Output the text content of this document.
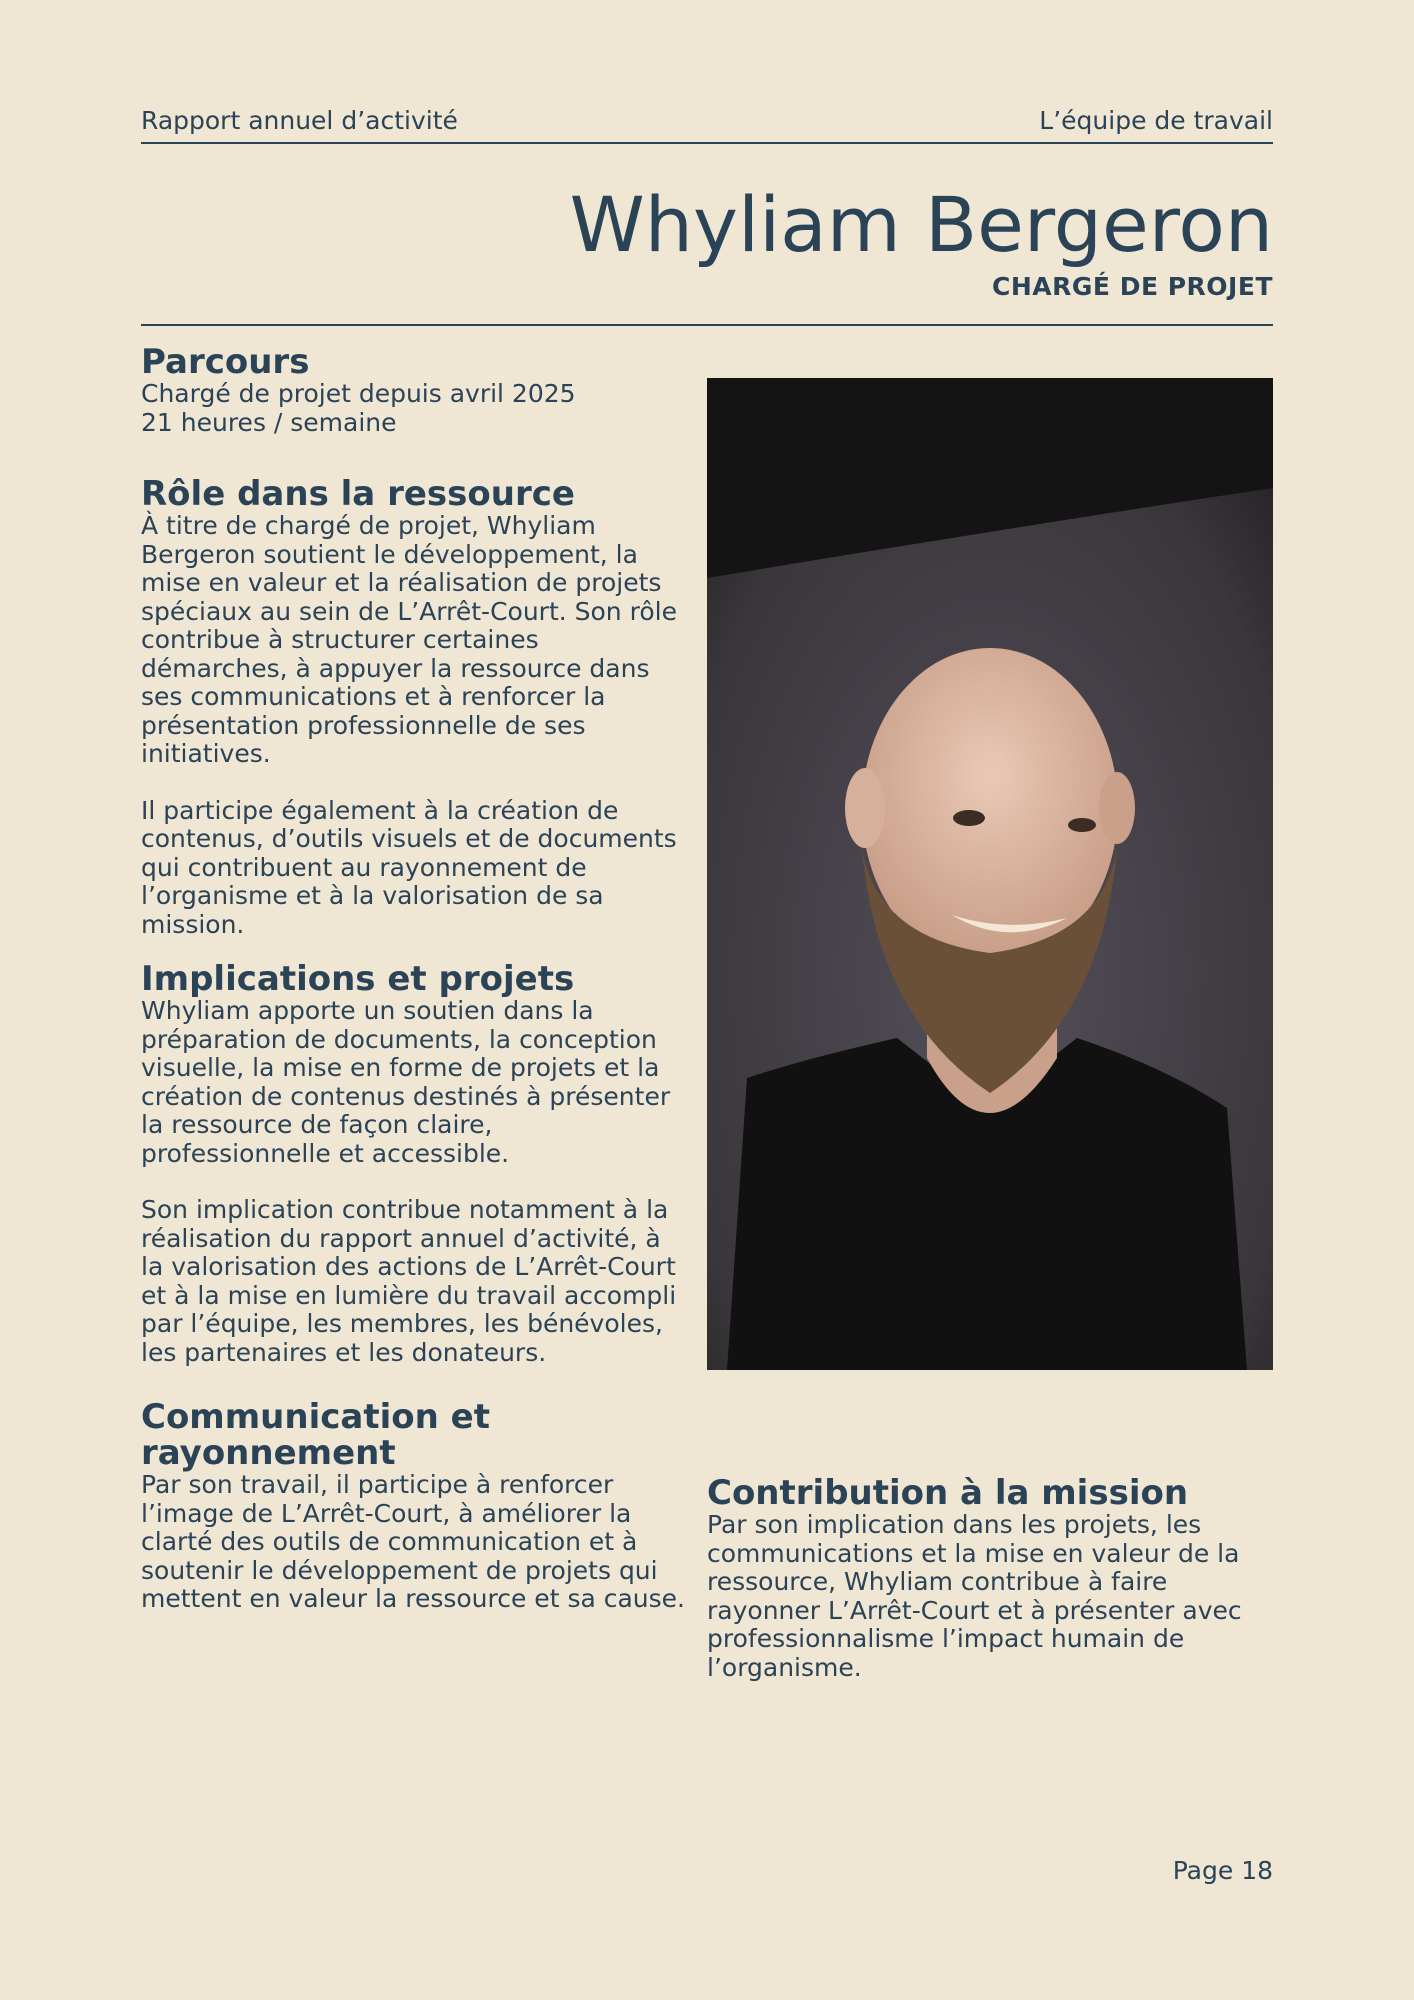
Rapport annuel d’activité	L’équipe de travail
Whyliam Bergeron
CHARGÉ DE PROJET
Parcours

Chargé de projet depuis avril 2025

21 heures / semaine

Rôle dans la ressource

À titre de chargé de projet, Whyliam Bergeron soutient le développement, la mise en valeur et la réalisation de projets spéciaux au sein de L’Arrêt-Court. Son rôle contribue à structurer certaines démarches, à appuyer la ressource dans ses communications et à renforcer la présentation professionnelle de ses initiatives.

Il participe également à la création de contenus, d’outils visuels et de documents qui contribuent au rayonnement de l’organisme et à la valorisation de sa mission.

Implications et projets

Whyliam apporte un soutien dans la préparation de documents, la conception visuelle, la mise en forme de projets et la création de contenus destinés à présenter la ressource de façon claire, professionnelle et accessible.

Son implication contribue notamment à la réalisation du rapport annuel d’activité, à la valorisation des actions de L’Arrêt-Court et à la mise en lumière du travail accompli par l’équipe, les membres, les bénévoles, les partenaires et les donateurs.

Communication et rayonnement

Par son travail, il participe à renforcer l’image de L’Arrêt-Court, à améliorer la clarté des outils de communication et à soutenir le développement de projets qui mettent en valeur la ressource et sa cause.

Contribution à la mission

Par son implication dans les projets, les communications et la mise en valeur de la ressource, Whyliam contribue à faire rayonner L’Arrêt-Court et à présenter avec professionnalisme l’impact humain de l’organisme.

Page 18
